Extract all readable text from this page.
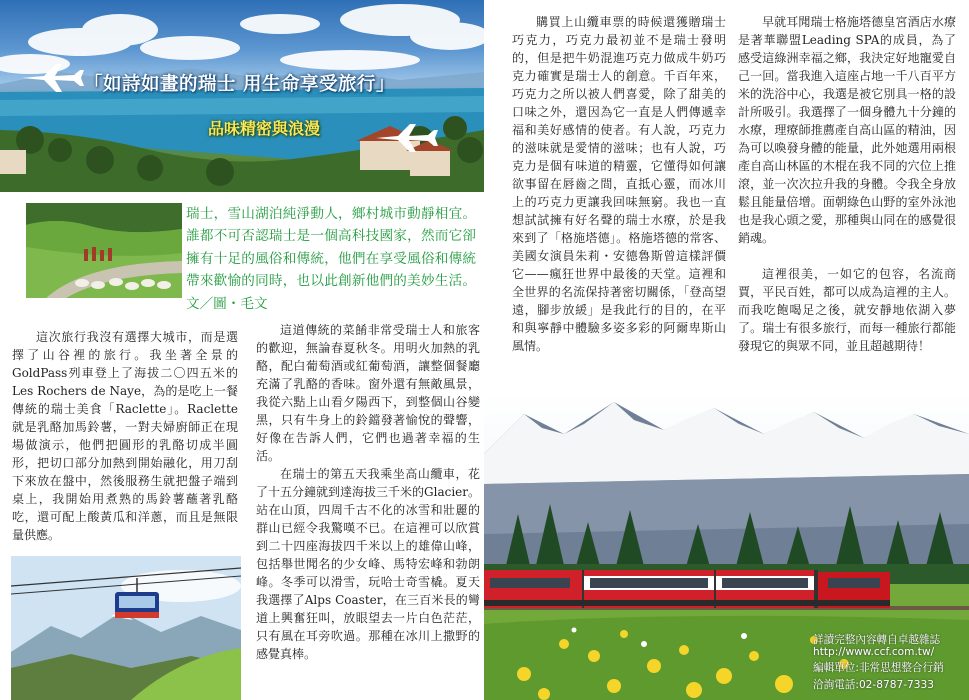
「如詩如畫的瑞士 用生命享受旅行」
品味精密與浪漫
瑞士，雪山湖泊純淨動人，鄉村城市動靜相宜。誰都不可否認瑞士是一個高科技國家，然而它卻擁有十足的風俗和傳統，他們在享受風俗和傳統帶來歡愉的同時，也以此創新他們的美妙生活。文／圖・毛文

這次旅行我沒有選擇大城市，而是選擇了山谷裡的旅行。我坐著全景的GoldPass列車登上了海拔二〇四五米的Les Rochers de Naye，為的是吃上一餐傳統的瑞士美食「Raclette」。Raclette就是乳酪加馬鈴薯，一對夫婦廚師正在現場做演示，他們把圓形的乳酪切成半圓形，把切口部分加熱到開始融化，用刀刮下來放在盤中，然後服務生就把盤子端到桌上，我開始用煮熟的馬鈴薯蘸著乳酪吃，還可配上酸黃瓜和洋蔥，而且是無限量供應。

這道傳統的菜餚非常受瑞士人和旅客的歡迎，無論春夏秋冬。用明火加熱的乳酪，配白葡萄酒或紅葡萄酒，讓整個餐廳充滿了乳酪的香味。窗外還有無敵風景，我從六點上山看夕陽西下，到整個山谷變黑，只有牛身上的鈴鐺發著愉悅的聲響，好像在告訴人們，它們也過著幸福的生活。

在瑞士的第五天我乘坐高山纜車，花了十五分鐘就到達海拔三千米的Glacier。站在山頂，四周千古不化的冰雪和壯麗的群山已經令我驚嘆不已。在這裡可以欣賞到二十四座海拔四千米以上的雄偉山峰，包括舉世聞名的少女峰、馬特宏峰和勃朗峰。冬季可以滑雪，玩哈士奇雪橇。夏天我選擇了Alps Coaster，在三百米長的彎道上興奮狂叫，放眼望去一片白色茫茫，只有風在耳旁吹過。那種在冰川上撒野的感覺真棒。

購買上山纜車票的時候還獲贈瑞士巧克力，巧克力最初並不是瑞士發明的，但是把牛奶混進巧克力做成牛奶巧克力確實是瑞士人的創意。千百年來，巧克力之所以被人們喜愛，除了甜美的口味之外，還因為它一直是人們傳遞幸福和美好感情的使者。有人說，巧克力的滋味就是愛情的滋味；也有人說，巧克力是個有味道的精靈，它懂得如何讓欲事留在唇齒之間，直抵心靈，而冰川上的巧克力更讓我回味無窮。我也一直想試試擁有好名聲的瑞士水療，於是我來到了「格施塔德」。格施塔德的常客、美國女演員朱莉・安德魯斯曾這樣評價它——瘋狂世界中最後的天堂。這裡和全世界的名流保持著密切關係，「登高望遠，腳步放緩」是我此行的目的，在平和與寧靜中體驗多姿多彩的阿爾卑斯山風情。

早就耳聞瑞士格施塔德皇宮酒店水療是著華聯盟Leading SPA的成員，為了感受這綠洲幸福之鄉，我決定好地寵愛自己一回。當我進入這座占地一千八百平方米的洗浴中心，我選是被它別具一格的設計所吸引。我選擇了一個身體九十分鐘的水療，理療師推薦產自高山區的精油，因為可以喚發身體的能量，此外她選用兩根產自高山林區的木棍在我不同的穴位上推滾，並一次次拉升我的身體。令我全身放鬆且能量倍增。面朝綠色山野的室外泳池也是我心頭之愛，那種與山同在的感覺很銷魂。

這裡很美，一如它的包容，名流商賈，平民百姓，都可以成為這裡的主人。而我吃飽喝足之後，就安靜地依湖入夢了。瑞士有很多旅行，而每一種旅行都能發現它的與眾不同，並且超越期待！

詳讀完整內容轉自卓越雜誌
http://www.ccf.com.tw/
編輯單位:非常思想整合行銷
洽詢電話:02-8787-7333
